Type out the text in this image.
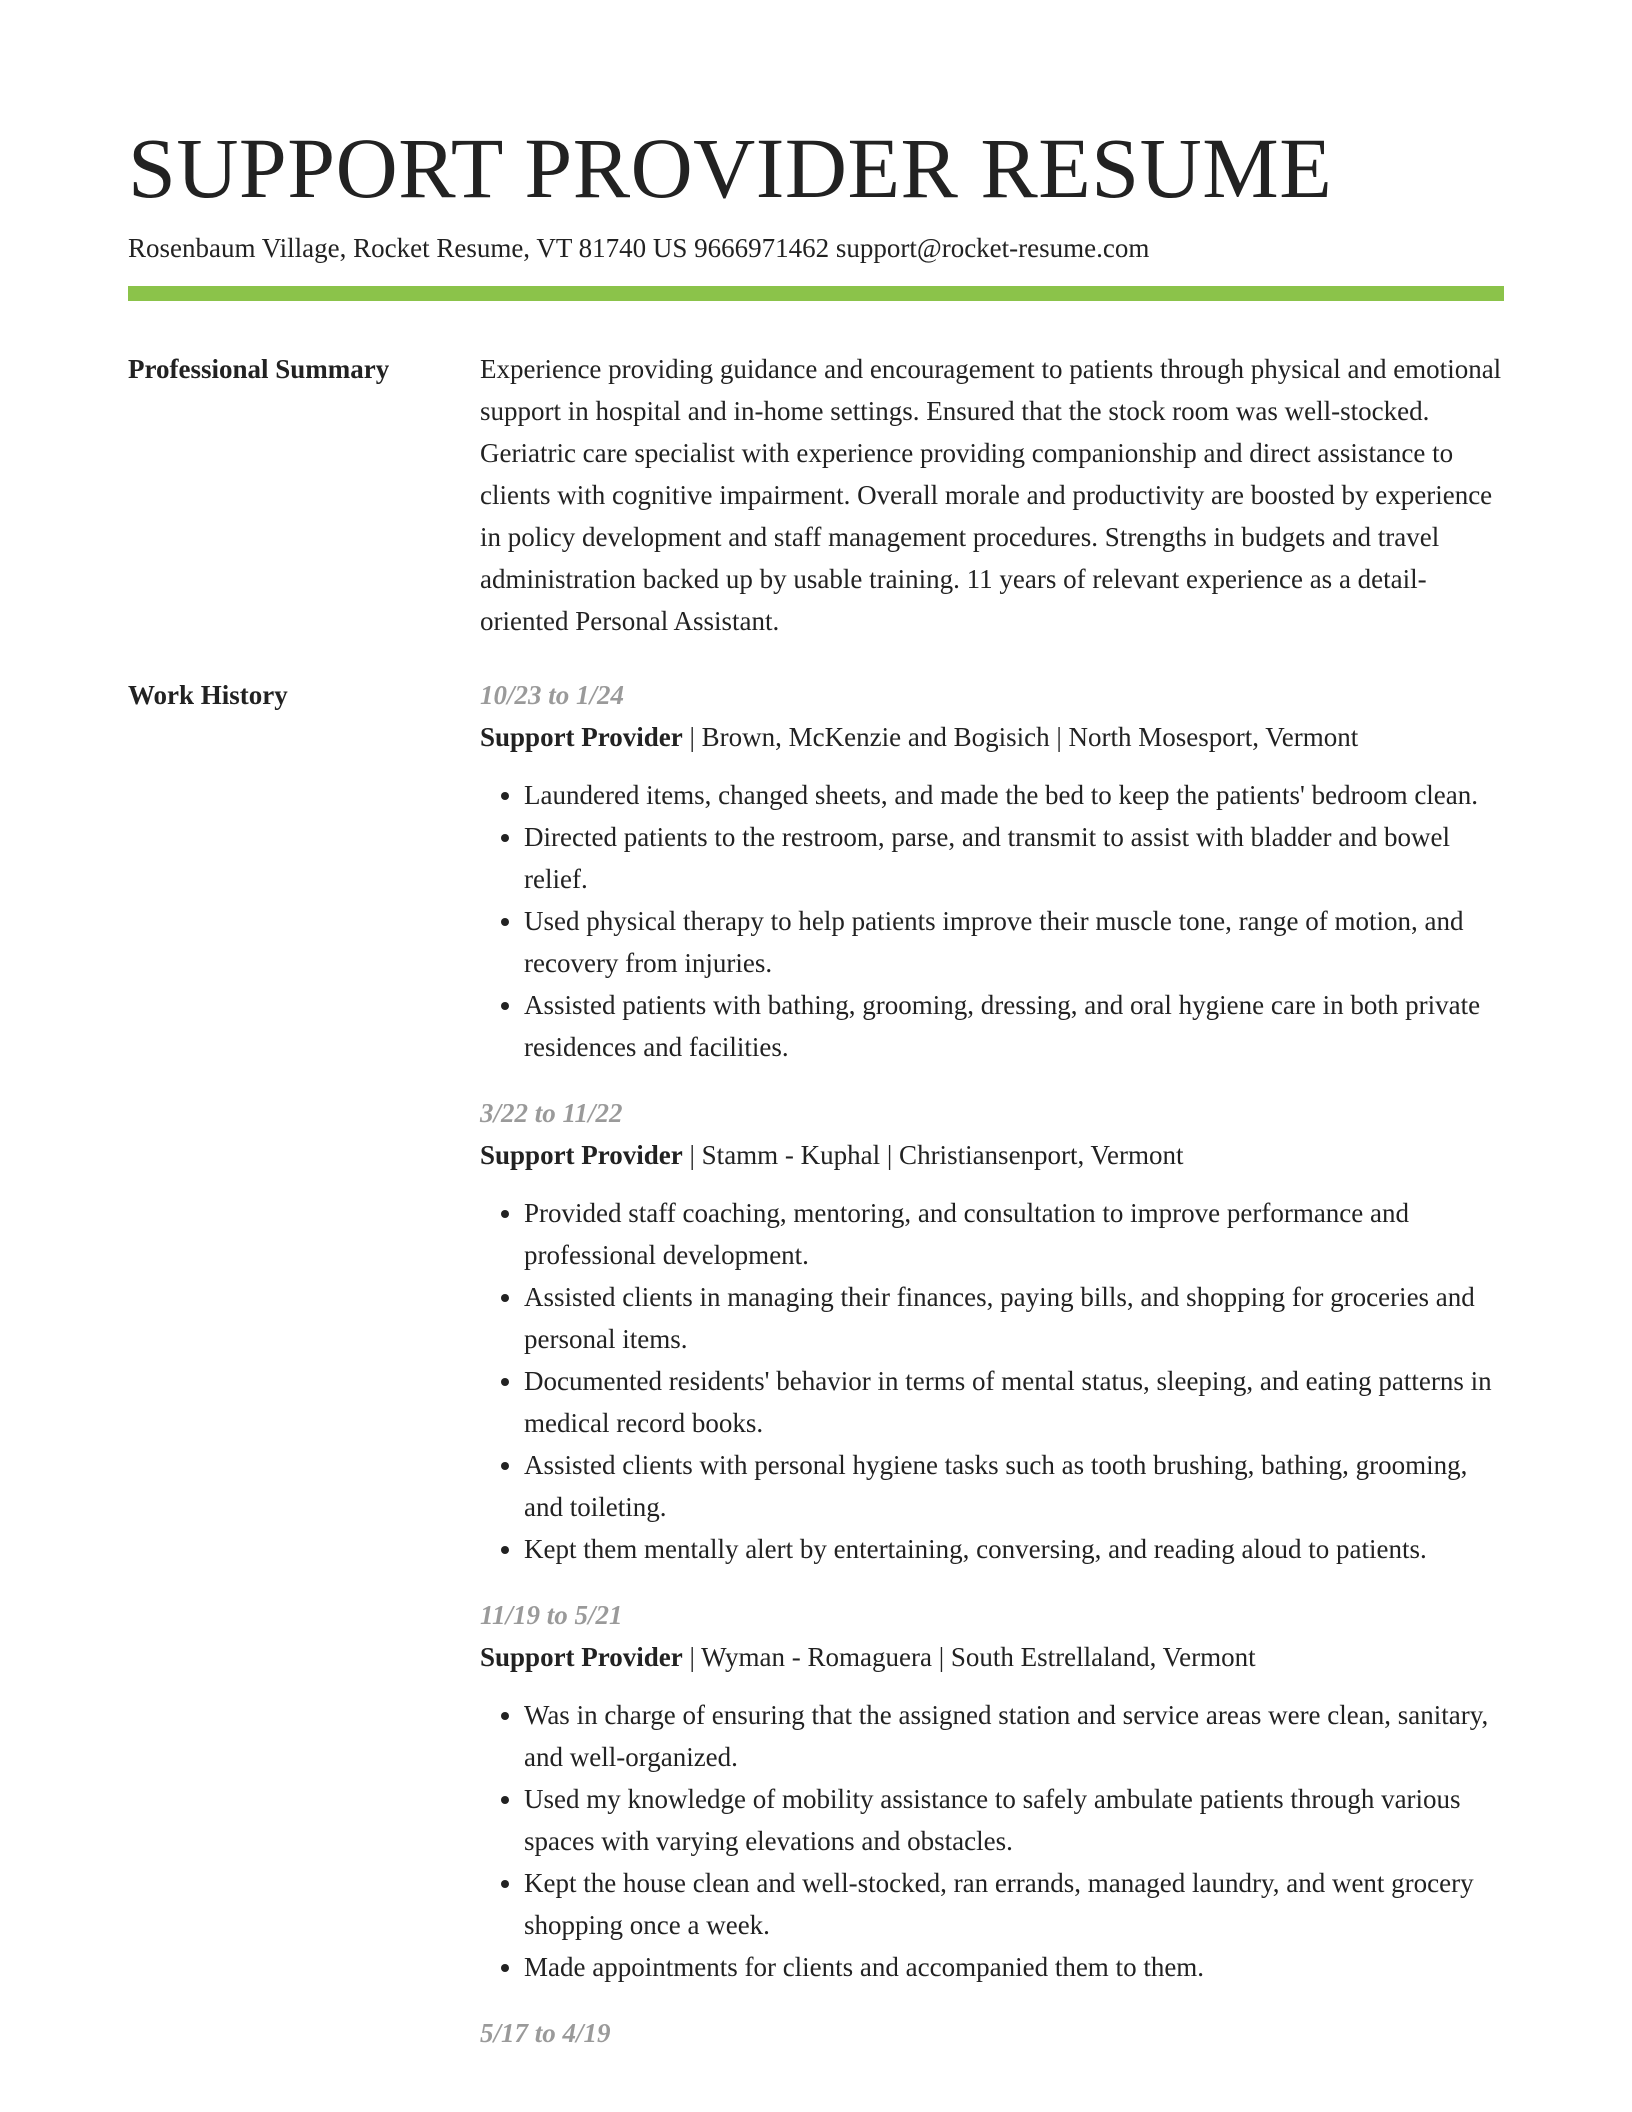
SUPPORT PROVIDER RESUME
Rosenbaum Village, Rocket Resume, VT 81740 US 9666971462 support@rocket-resume.com
Professional Summary	Experience providing guidance and encouragement to patients through physical and emotional support in hospital and in-home settings. Ensured that the stock room was well-stocked. Geriatric care specialist with experience providing companionship and direct assistance to clients with cognitive impairment. Overall morale and productivity are boosted by experience in policy development and staff management procedures. Strengths in budgets and travel administration backed up by usable training. 11 years of relevant experience as a detail-oriented Personal Assistant.

Work History	10/23 to 1/24
Support Provider | Brown, McKenzie and Bogisich | North Mosesport, Vermont
• Laundered items, changed sheets, and made the bed to keep the patients' bedroom clean.
• Directed patients to the restroom, parse, and transmit to assist with bladder and bowel relief.
• Used physical therapy to help patients improve their muscle tone, range of motion, and recovery from injuries.
• Assisted patients with bathing, grooming, dressing, and oral hygiene care in both private residences and facilities.
3/22 to 11/22
Support Provider | Stamm - Kuphal | Christiansenport, Vermont
• Provided staff coaching, mentoring, and consultation to improve performance and professional development.
• Assisted clients in managing their finances, paying bills, and shopping for groceries and personal items.
• Documented residents' behavior in terms of mental status, sleeping, and eating patterns in medical record books.
• Assisted clients with personal hygiene tasks such as tooth brushing, bathing, grooming, and toileting.
• Kept them mentally alert by entertaining, conversing, and reading aloud to patients.
11/19 to 5/21
Support Provider | Wyman - Romaguera | South Estrellaland, Vermont
• Was in charge of ensuring that the assigned station and service areas were clean, sanitary, and well-organized.
• Used my knowledge of mobility assistance to safely ambulate patients through various spaces with varying elevations and obstacles.
• Kept the house clean and well-stocked, ran errands, managed laundry, and went grocery shopping once a week.
• Made appointments for clients and accompanied them to them.
5/17 to 4/19
